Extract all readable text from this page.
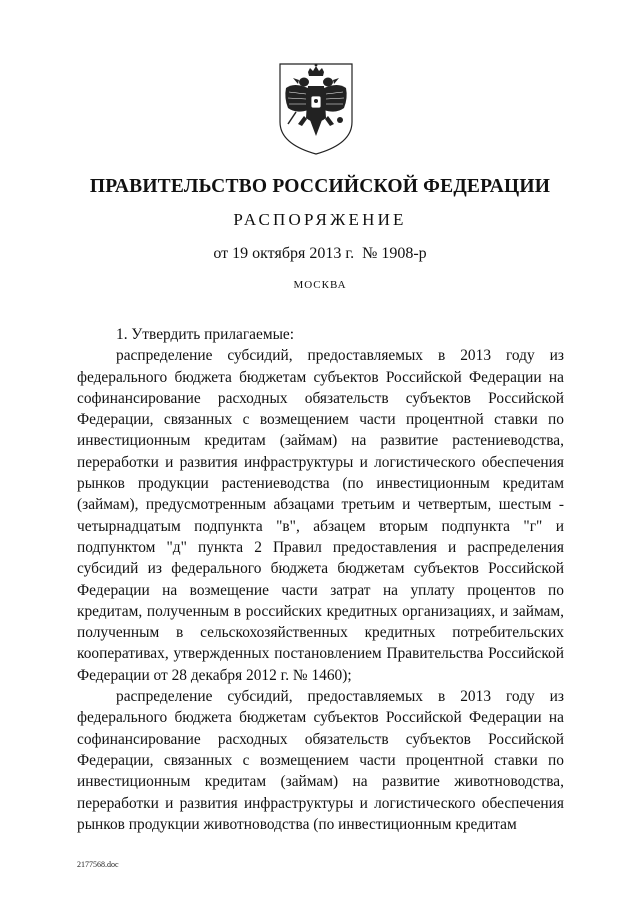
ПРАВИТЕЛЬСТВО РОССИЙСКОЙ ФЕДЕРАЦИИ
РАСПОРЯЖЕНИЕ
от 19 октября 2013 г.  № 1908-р
МОСКВА

1. Утвердить прилагаемые:

распределение субсидий, предоставляемых в 2013 году из федерального бюджета бюджетам субъектов Российской Федерации на софинансирование расходных обязательств субъектов Российской Федерации, связанных с возмещением части процентной ставки по инвестиционным кредитам (займам) на развитие растениеводства, переработки и развития инфраструктуры и логистического обеспечения рынков продукции растениеводства (по инвестиционным кредитам (займам), предусмотренным абзацами третьим и четвертым, шестым - четырнадцатым подпункта "в", абзацем вторым подпункта "г" и подпунктом "д" пункта 2 Правил предоставления и распределения субсидий из федерального бюджета бюджетам субъектов Российской Федерации на возмещение части затрат на уплату процентов по кредитам, полученным в российских кредитных организациях, и займам, полученным в сельскохозяйственных кредитных потребительских кооперативах, утвержденных постановлением Правительства Российской Федерации от 28 декабря 2012 г. № 1460);

распределение субсидий, предоставляемых в 2013 году из федерального бюджета бюджетам субъектов Российской Федерации на софинансирование расходных обязательств субъектов Российской Федерации, связанных с возмещением части процентной ставки по инвестиционным кредитам (займам) на развитие животноводства, переработки и развития инфраструктуры и логистического обеспечения рынков продукции животноводства (по инвестиционным кредитам

2177568.doc
